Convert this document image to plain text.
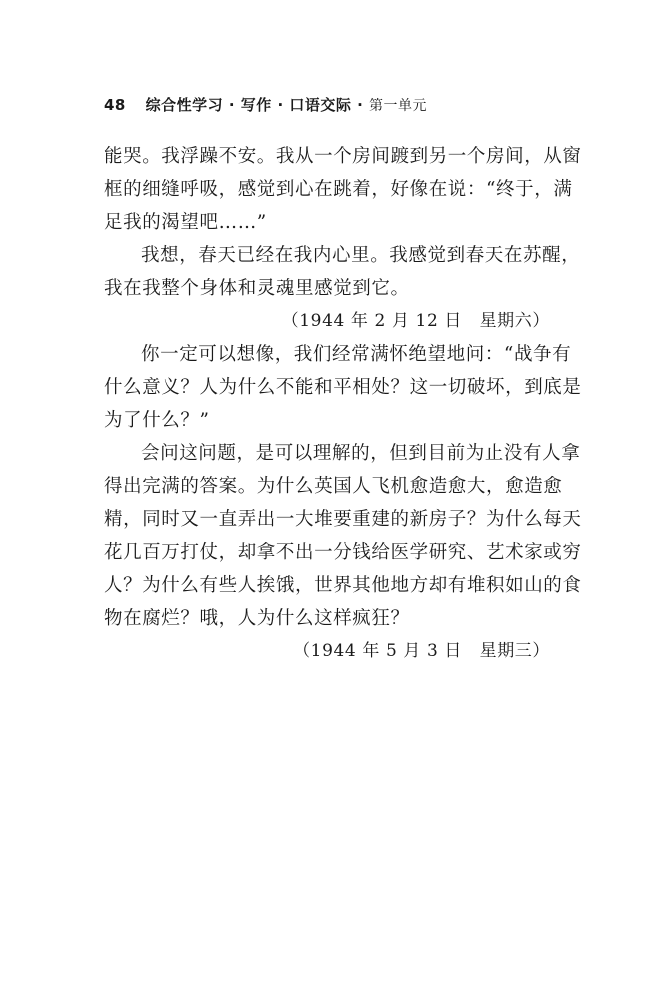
48 综合性学习 · 写作 · 口语交际 · 第一单元

能哭。我浮躁不安。我从一个房间踱到另一个房间，从窗
框的细缝呼吸，感觉到心在跳着，好像在说：“终于，满
足我的渴望吧……”

我想，春天已经在我内心里。我感觉到春天在苏醒，
我在我整个身体和灵魂里感觉到它。

（1944 年 2 月 12 日　星期六）

你一定可以想像，我们经常满怀绝望地问：“战争有
什么意义？人为什么不能和平相处？这一切破坏，到底是
为了什么？”

会问这问题，是可以理解的，但到目前为止没有人拿
得出完满的答案。为什么英国人飞机愈造愈大，愈造愈
精，同时又一直弄出一大堆要重建的新房子？为什么每天
花几百万打仗，却拿不出一分钱给医学研究、艺术家或穷
人？为什么有些人挨饿，世界其他地方却有堆积如山的食
物在腐烂？哦，人为什么这样疯狂？

（1944 年 5 月 3 日　星期三）
